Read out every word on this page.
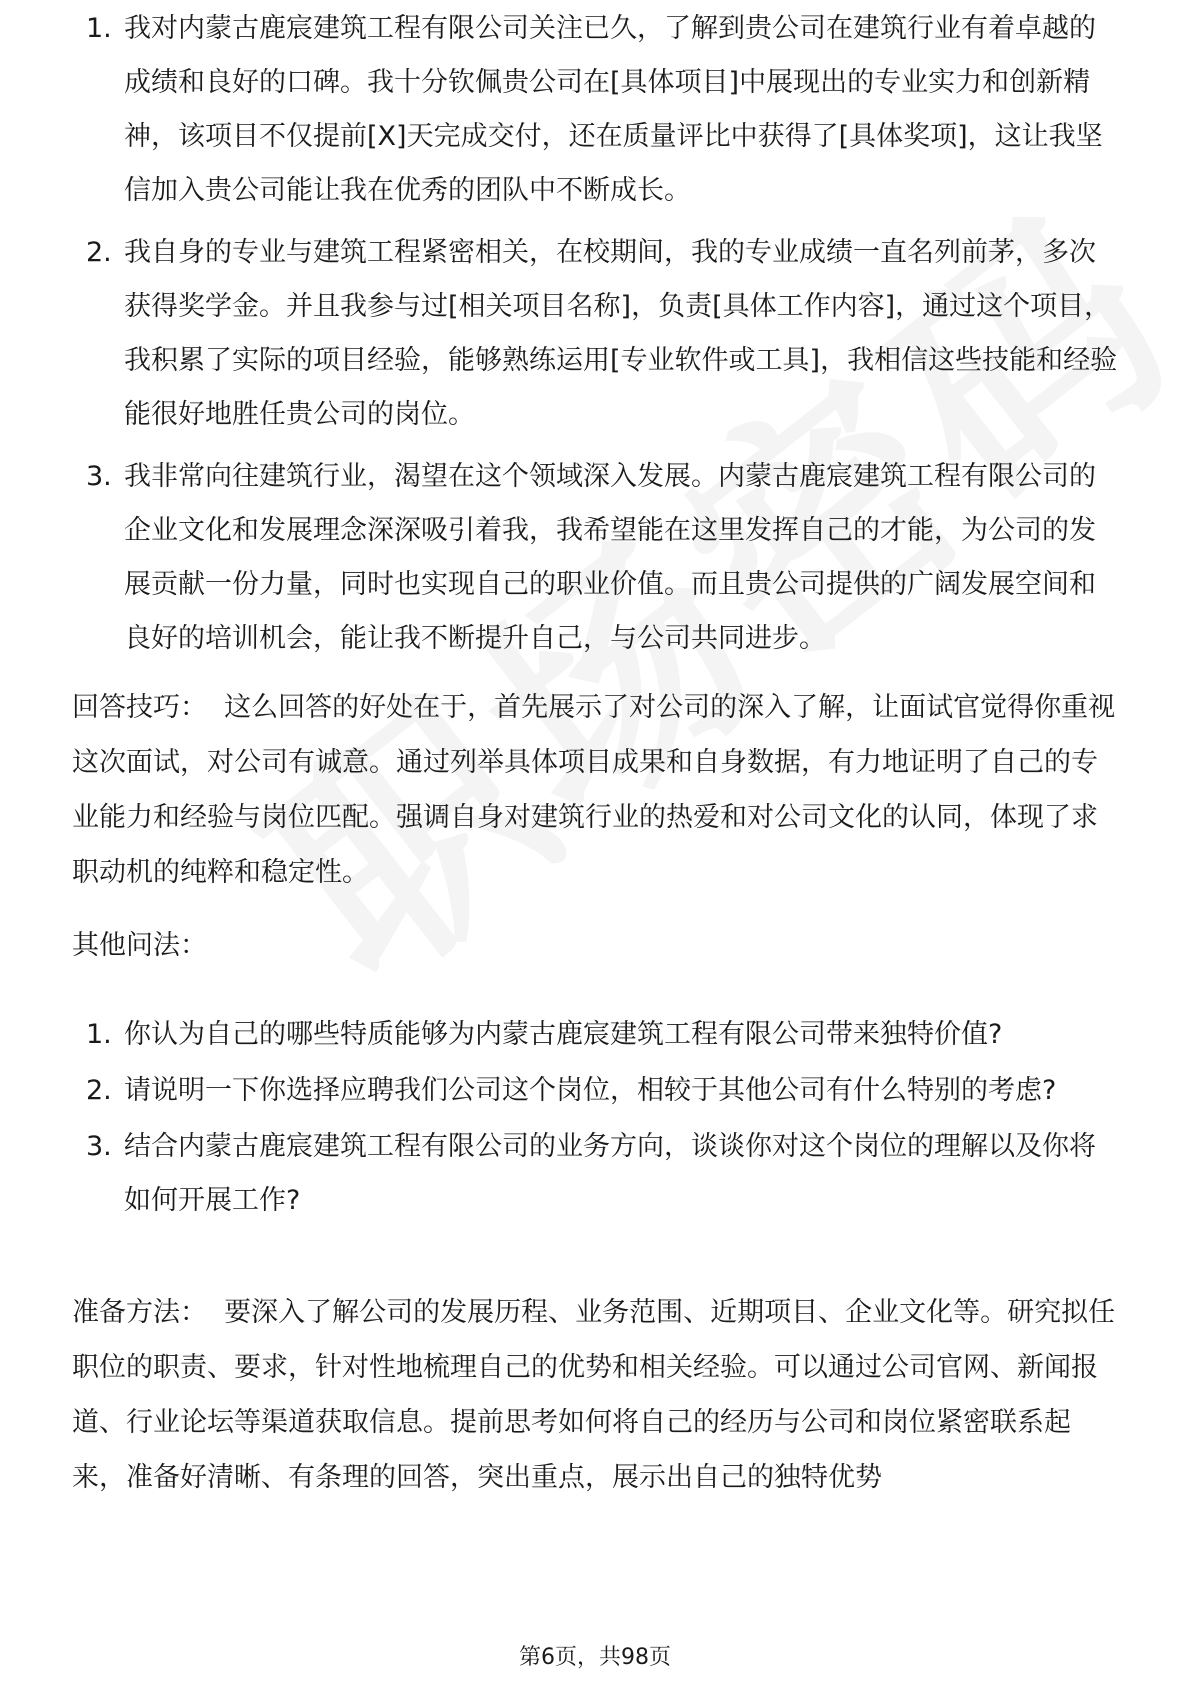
1. 我对内蒙古鹿宸建筑工程有限公司关注已久，了解到贵公司在建筑行业有着卓越的成绩和良好的口碑。我十分钦佩贵公司在[具体项目]中展现出的专业实力和创新精神，该项目不仅提前[X]天完成交付，还在质量评比中获得了[具体奖项]，这让我坚信加入贵公司能让我在优秀的团队中不断成长。
2. 我自身的专业与建筑工程紧密相关，在校期间，我的专业成绩一直名列前茅，多次获得奖学金。并且我参与过[相关项目名称]，负责[具体工作内容]，通过这个项目，我积累了实际的项目经验，能够熟练运用[专业软件或工具]，我相信这些技能和经验能很好地胜任贵公司的岗位。
3. 我非常向往建筑行业，渴望在这个领域深入发展。内蒙古鹿宸建筑工程有限公司的企业文化和发展理念深深吸引着我，我希望能在这里发挥自己的才能，为公司的发展贡献一份力量，同时也实现自己的职业价值。而且贵公司提供的广阔发展空间和良好的培训机会，能让我不断提升自己，与公司共同进步。

回答技巧： 这么回答的好处在于，首先展示了对公司的深入了解，让面试官觉得你重视这次面试，对公司有诚意。通过列举具体项目成果和自身数据，有力地证明了自己的专业能力和经验与岗位匹配。强调自身对建筑行业的热爱和对公司文化的认同，体现了求职动机的纯粹和稳定性。

其他问法：

1. 你认为自己的哪些特质能够为内蒙古鹿宸建筑工程有限公司带来独特价值?
2. 请说明一下你选择应聘我们公司这个岗位，相较于其他公司有什么特别的考虑?
3. 结合内蒙古鹿宸建筑工程有限公司的业务方向，谈谈你对这个岗位的理解以及你将如何开展工作?

准备方法： 要深入了解公司的发展历程、业务范围、近期项目、企业文化等。研究拟任职位的职责、要求，针对性地梳理自己的优势和相关经验。可以通过公司官网、新闻报道、行业论坛等渠道获取信息。提前思考如何将自己的经历与公司和岗位紧密联系起来，准备好清晰、有条理的回答，突出重点，展示出自己的独特优势

第6页，共98页
